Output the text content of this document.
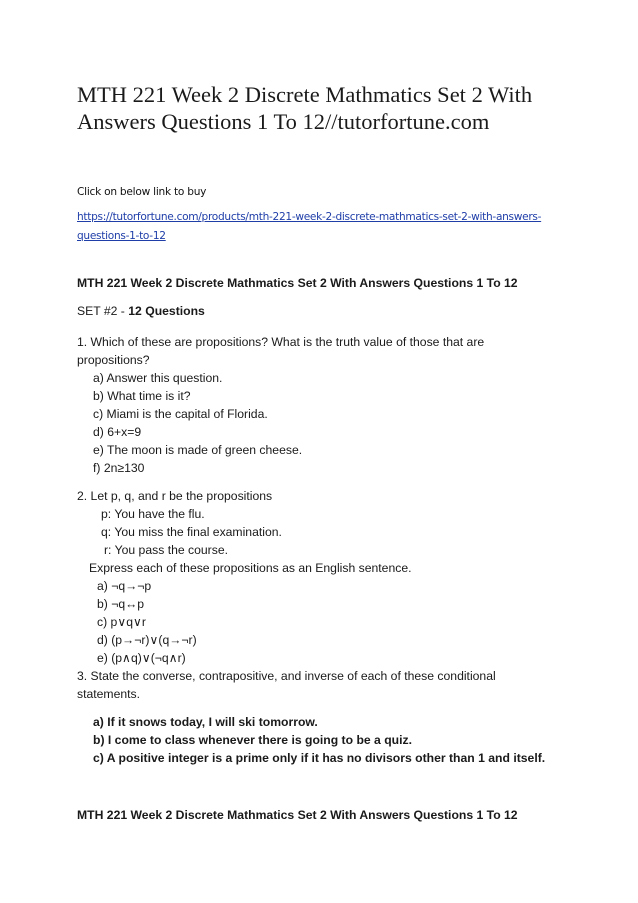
MTH 221 Week 2 Discrete Mathmatics Set 2 With Answers Questions 1 To 12//tutorfortune.com
Click on below link to buy
https://tutorfortune.com/products/mth-221-week-2-discrete-mathmatics-set-2-with-answers-questions-1-to-12
MTH 221 Week 2 Discrete Mathmatics Set 2 With Answers Questions 1 To 12
SET #2 - 12 Questions
1. Which of these are propositions? What is the truth value of those that are
propositions?
a) Answer this question.
b) What time is it?
c) Miami is the capital of Florida.
d) 6+x=9
e) The moon is made of green cheese.
f) 2n≥130
2. Let p, q, and r be the propositions
p: You have the flu.
q: You miss the final examination.
r: You pass the course.
Express each of these propositions as an English sentence.
a) ¬q→¬p
b) ¬q↔p
c) p∨q∨r
d) (p→¬r)∨(q→¬r)
e) (p∧q)∨(¬q∧r)
3. State the converse, contrapositive, and inverse of each of these conditional
statements.
a) If it snows today, I will ski tomorrow.
b) I come to class whenever there is going to be a quiz.
c) A positive integer is a prime only if it has no divisors other than 1 and itself.
MTH 221 Week 2 Discrete Mathmatics Set 2 With Answers Questions 1 To 12
